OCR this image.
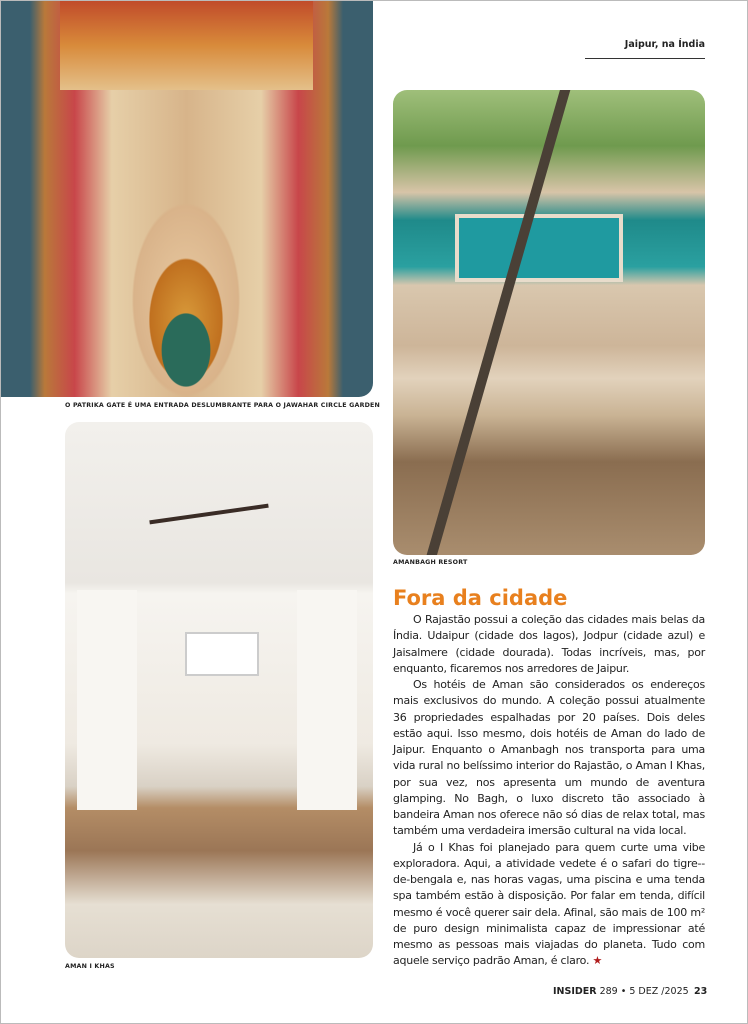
O PATRIKA GATE É UMA ENTRADA DESLUMBRANTE PARA O JAWAHAR CIRCLE GARDEN
Jaipur, na Índia
AMANBAGH RESORT
AMAN I KHAS
Fora da cidade

O Rajastão possui a coleção das cidades mais belas da Índia. Udaipur (cidade dos lagos), Jodpur (cidade azul) e Jaisalmere (cidade dourada). Todas incríveis, mas, por enquanto, ficaremos nos arredores de Jaipur.

Os hotéis de Aman são considerados os endereços mais exclusivos do mundo. A coleção possui atualmente 36 propriedades espalhadas por 20 países. Dois deles estão aqui. Isso mesmo, dois hotéis de Aman do lado de Jaipur. Enquanto o Amanbagh nos transporta para uma vida rural no belíssimo interior do Rajastão, o Aman I Khas, por sua vez, nos apresenta um mundo de aventura glamping. No Bagh, o luxo discreto tão associado à bandeira Aman nos oferece não só dias de relax total, mas também uma verdadeira imersão cultural na vida local.

Já o I Khas foi planejado para quem curte uma vibe exploradora. Aqui, a atividade vedete é o safari do tigre--de-bengala e, nas horas vagas, uma piscina e uma tenda spa também estão à disposição. Por falar em tenda, difícil mesmo é você querer sair dela. Afinal, são mais de 100 m² de puro design minimalista capaz de impressionar até mesmo as pessoas mais viajadas do planeta. Tudo com aquele serviço padrão Aman, é claro. ★

INSIDER 289 • 5 DEZ /2025 23
